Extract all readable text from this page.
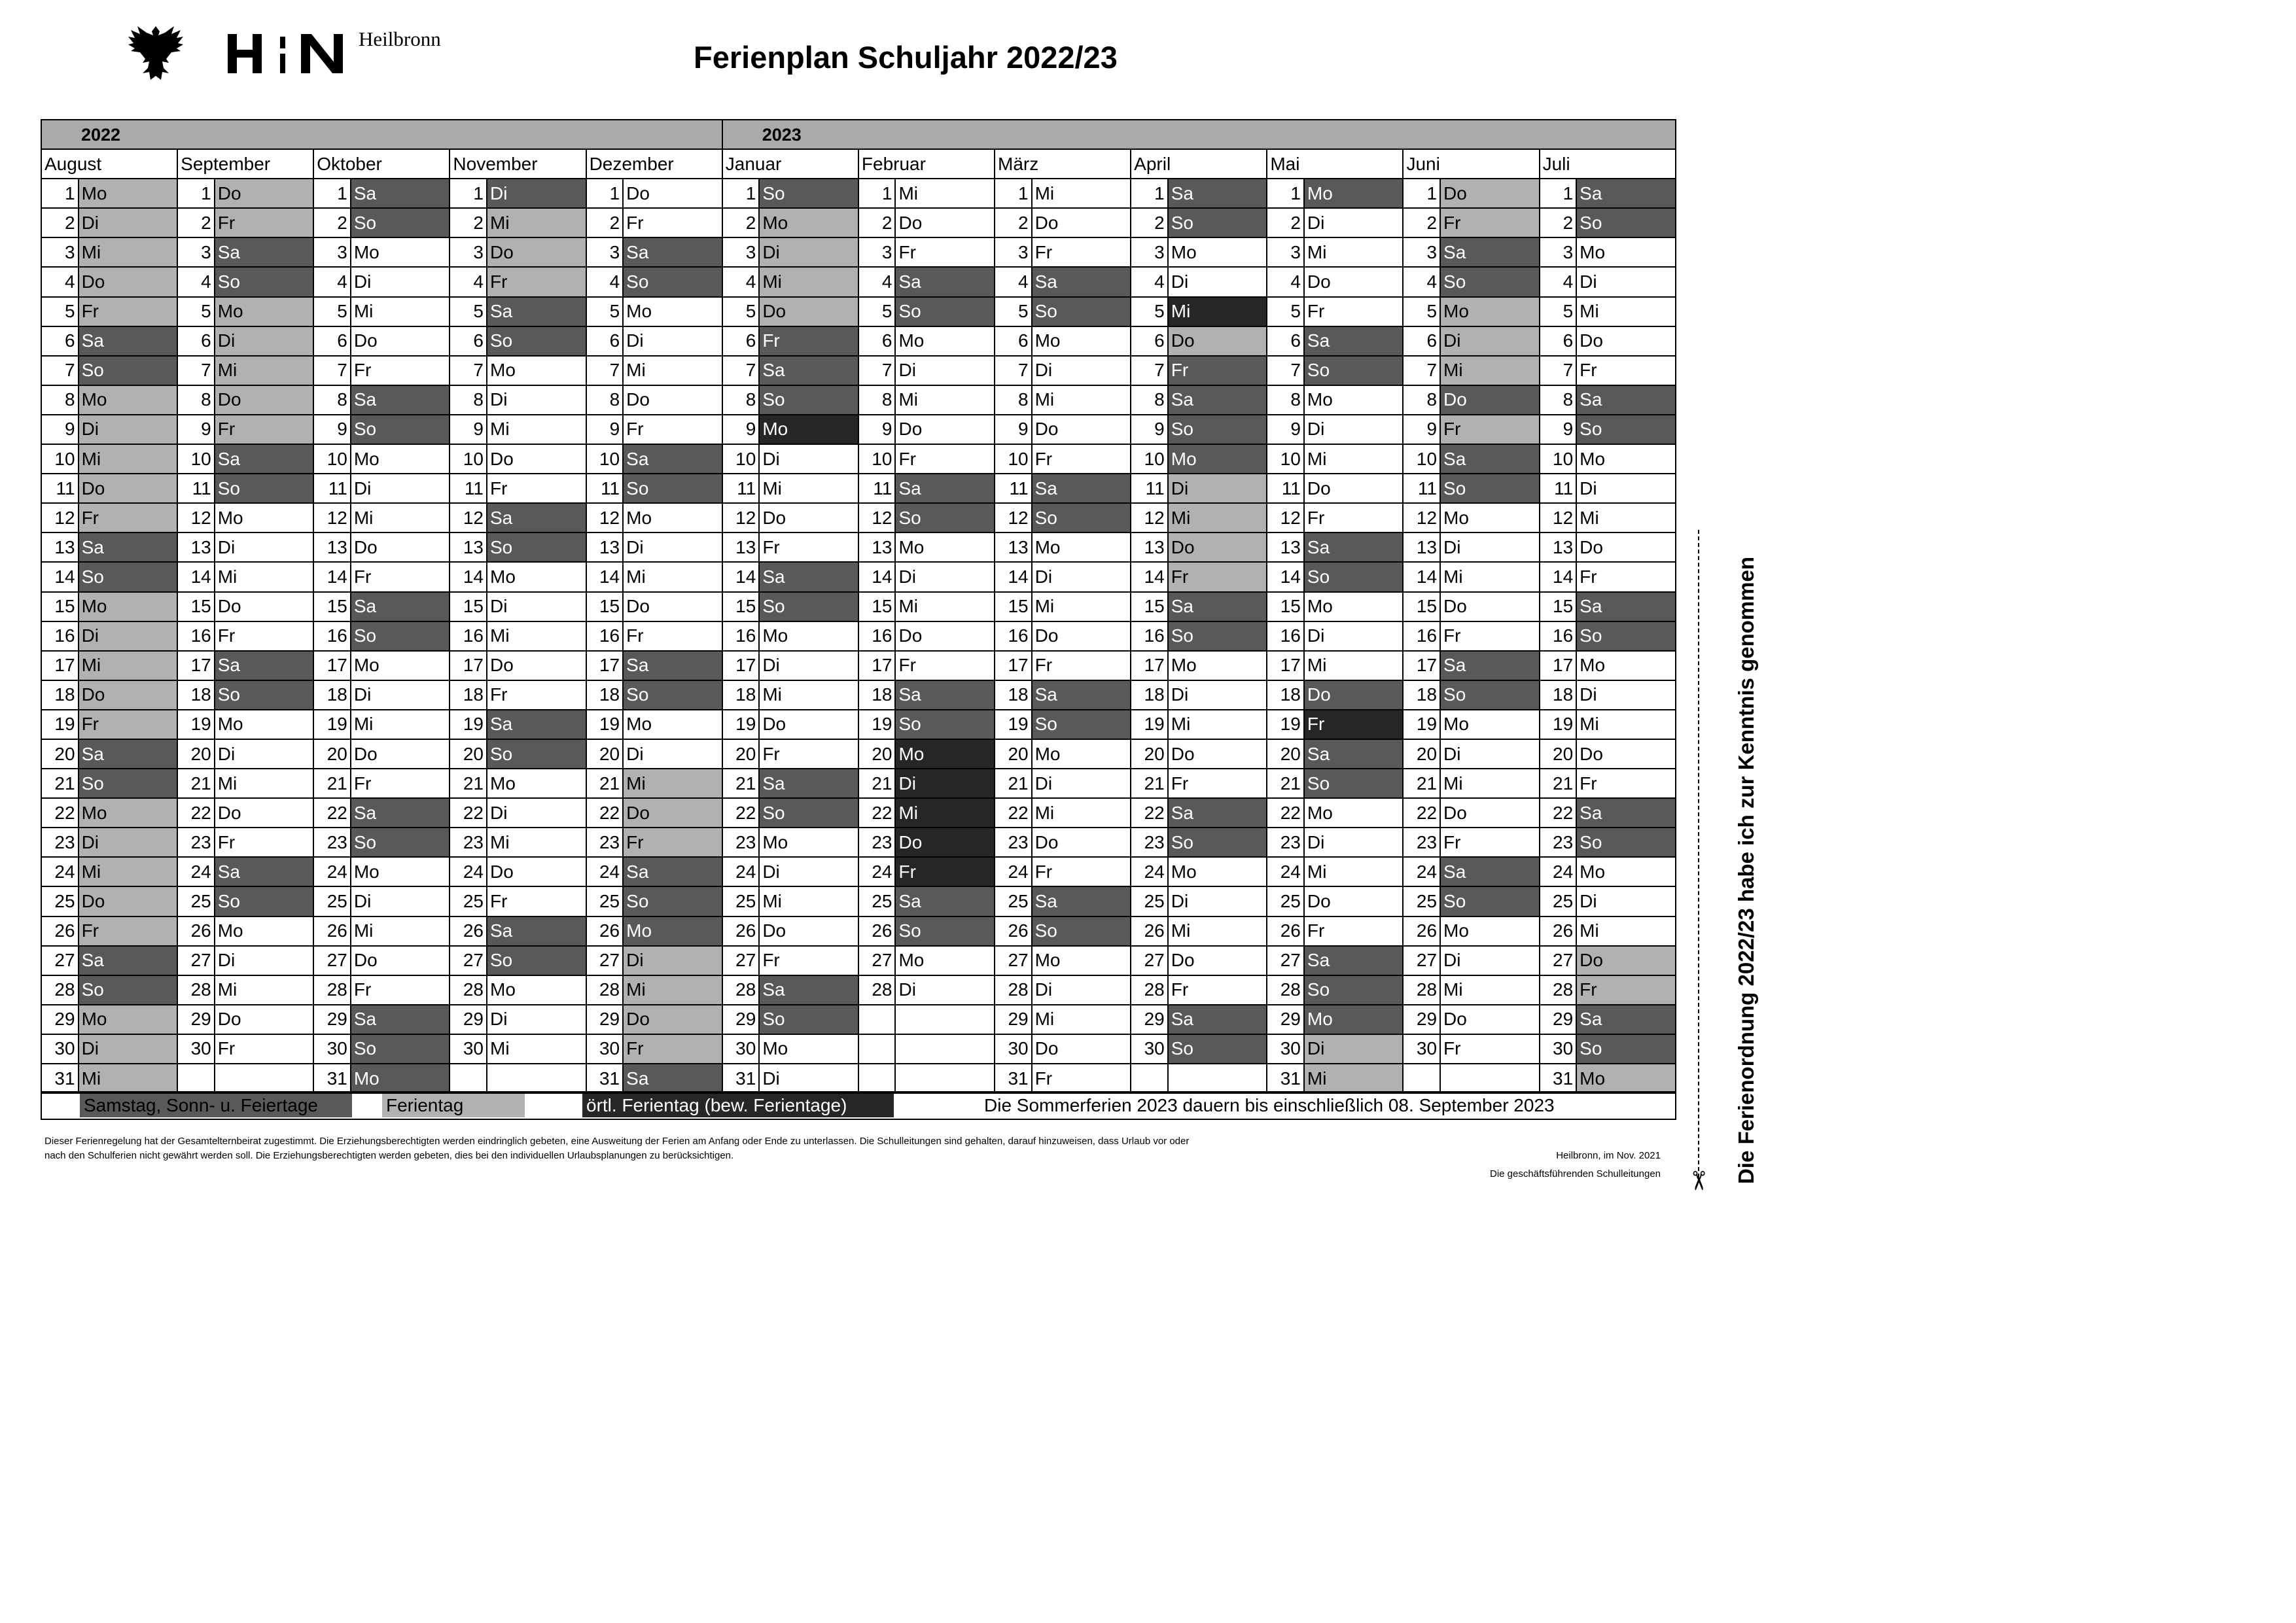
Heilbronn
Ferienplan Schuljahr 2022/23
2022										2023													
August		September		Oktober		November		Dezember		Januar		Februar		März		April		Mai		Juni		Juli	
1	Mo	1	Do	1	Sa	1	Di	1	Do	1	So	1	Mi	1	Mi	1	Sa	1	Mo	1	Do	1	Sa
2	Di	2	Fr	2	So	2	Mi	2	Fr	2	Mo	2	Do	2	Do	2	So	2	Di	2	Fr	2	So
3	Mi	3	Sa	3	Mo	3	Do	3	Sa	3	Di	3	Fr	3	Fr	3	Mo	3	Mi	3	Sa	3	Mo
4	Do	4	So	4	Di	4	Fr	4	So	4	Mi	4	Sa	4	Sa	4	Di	4	Do	4	So	4	Di
5	Fr	5	Mo	5	Mi	5	Sa	5	Mo	5	Do	5	So	5	So	5	Mi	5	Fr	5	Mo	5	Mi
6	Sa	6	Di	6	Do	6	So	6	Di	6	Fr	6	Mo	6	Mo	6	Do	6	Sa	6	Di	6	Do
7	So	7	Mi	7	Fr	7	Mo	7	Mi	7	Sa	7	Di	7	Di	7	Fr	7	So	7	Mi	7	Fr
8	Mo	8	Do	8	Sa	8	Di	8	Do	8	So	8	Mi	8	Mi	8	Sa	8	Mo	8	Do	8	Sa
9	Di	9	Fr	9	So	9	Mi	9	Fr	9	Mo	9	Do	9	Do	9	So	9	Di	9	Fr	9	So
10	Mi	10	Sa	10	Mo	10	Do	10	Sa	10	Di	10	Fr	10	Fr	10	Mo	10	Mi	10	Sa	10	Mo
11	Do	11	So	11	Di	11	Fr	11	So	11	Mi	11	Sa	11	Sa	11	Di	11	Do	11	So	11	Di
12	Fr	12	Mo	12	Mi	12	Sa	12	Mo	12	Do	12	So	12	So	12	Mi	12	Fr	12	Mo	12	Mi
13	Sa	13	Di	13	Do	13	So	13	Di	13	Fr	13	Mo	13	Mo	13	Do	13	Sa	13	Di	13	Do
14	So	14	Mi	14	Fr	14	Mo	14	Mi	14	Sa	14	Di	14	Di	14	Fr	14	So	14	Mi	14	Fr
15	Mo	15	Do	15	Sa	15	Di	15	Do	15	So	15	Mi	15	Mi	15	Sa	15	Mo	15	Do	15	Sa
16	Di	16	Fr	16	So	16	Mi	16	Fr	16	Mo	16	Do	16	Do	16	So	16	Di	16	Fr	16	So
17	Mi	17	Sa	17	Mo	17	Do	17	Sa	17	Di	17	Fr	17	Fr	17	Mo	17	Mi	17	Sa	17	Mo
18	Do	18	So	18	Di	18	Fr	18	So	18	Mi	18	Sa	18	Sa	18	Di	18	Do	18	So	18	Di
19	Fr	19	Mo	19	Mi	19	Sa	19	Mo	19	Do	19	So	19	So	19	Mi	19	Fr	19	Mo	19	Mi
20	Sa	20	Di	20	Do	20	So	20	Di	20	Fr	20	Mo	20	Mo	20	Do	20	Sa	20	Di	20	Do
21	So	21	Mi	21	Fr	21	Mo	21	Mi	21	Sa	21	Di	21	Di	21	Fr	21	So	21	Mi	21	Fr
22	Mo	22	Do	22	Sa	22	Di	22	Do	22	So	22	Mi	22	Mi	22	Sa	22	Mo	22	Do	22	Sa
23	Di	23	Fr	23	So	23	Mi	23	Fr	23	Mo	23	Do	23	Do	23	So	23	Di	23	Fr	23	So
24	Mi	24	Sa	24	Mo	24	Do	24	Sa	24	Di	24	Fr	24	Fr	24	Mo	24	Mi	24	Sa	24	Mo
25	Do	25	So	25	Di	25	Fr	25	So	25	Mi	25	Sa	25	Sa	25	Di	25	Do	25	So	25	Di
26	Fr	26	Mo	26	Mi	26	Sa	26	Mo	26	Do	26	So	26	So	26	Mi	26	Fr	26	Mo	26	Mi
27	Sa	27	Di	27	Do	27	So	27	Di	27	Fr	27	Mo	27	Mo	27	Do	27	Sa	27	Di	27	Do
28	So	28	Mi	28	Fr	28	Mo	28	Mi	28	Sa	28	Di	28	Di	28	Fr	28	So	28	Mi	28	Fr
29	Mo	29	Do	29	Sa	29	Di	29	Do	29	So			29	Mi	29	Sa	29	Mo	29	Do	29	Sa
30	Di	30	Fr	30	So	30	Mi	30	Fr	30	Mo			30	Do	30	So	30	Di	30	Fr	30	So
31	Mi			31	Mo			31	Sa	31	Di			31	Fr			31	Mi			31	Mo
Samstag, Sonn- u. Feiertage	Ferientag	örtl. Ferientag (bew. Ferientage)	Die Sommerferien 2023 dauern bis einschließlich 08. September 2023
Dieser Ferienregelung hat der Gesamtelternbeirat zugestimmt. Die Erziehungsberechtigten werden eindringlich gebeten, eine Ausweitung der Ferien am Anfang oder Ende zu unterlassen. Die Schulleitungen sind gehalten, darauf hinzuweisen, dass Urlaub vor oder
nach den Schulferien nicht gewährt werden soll. Die Erziehungsberechtigten werden gebeten, dies bei den individuellen Urlaubsplanungen zu berücksichtigen.	Heilbronn, im Nov. 2021
Die geschäftsführenden Schulleitungen ✂ Die Ferienordnung 2022/23 habe ich zur Kenntnis genommen
